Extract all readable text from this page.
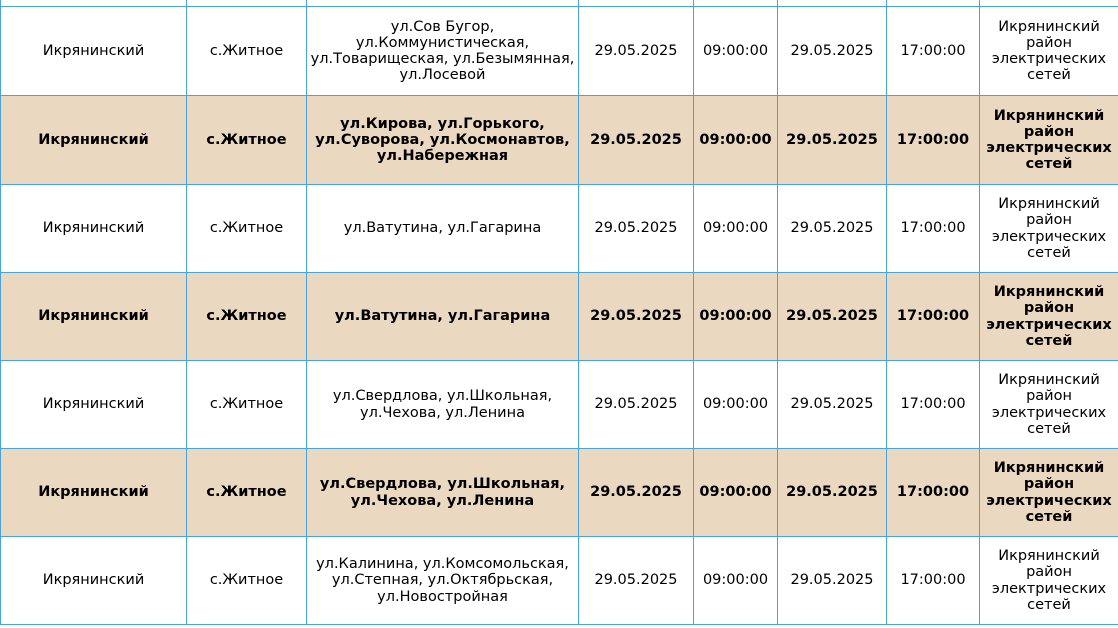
Икрянинский	с.Житное	ул.Сов Бугор, ул.Коммунистическая, ул.Товарищеская, ул.Безымянная, ул.Лосевой	29.05.2025	09:00:00	29.05.2025	17:00:00	Икрянинский район электрических сетей
Икрянинский	с.Житное	ул.Кирова, ул.Горького, ул.Суворова, ул.Космонавтов, ул.Набережная	29.05.2025	09:00:00	29.05.2025	17:00:00	Икрянинский район электрических сетей
Икрянинский	с.Житное	ул.Ватутина, ул.Гагарина	29.05.2025	09:00:00	29.05.2025	17:00:00	Икрянинский район электрических сетей
Икрянинский	с.Житное	ул.Ватутина, ул.Гагарина	29.05.2025	09:00:00	29.05.2025	17:00:00	Икрянинский район электрических сетей
Икрянинский	с.Житное	ул.Свердлова, ул.Школьная, ул.Чехова, ул.Ленина	29.05.2025	09:00:00	29.05.2025	17:00:00	Икрянинский район электрических сетей
Икрянинский	с.Житное	ул.Свердлова, ул.Школьная, ул.Чехова, ул.Ленина	29.05.2025	09:00:00	29.05.2025	17:00:00	Икрянинский район электрических сетей
Икрянинский	с.Житное	ул.Калинина, ул.Комсомольская, ул.Степная, ул.Октябрьская, ул.Новостройная	29.05.2025	09:00:00	29.05.2025	17:00:00	Икрянинский район электрических сетей
